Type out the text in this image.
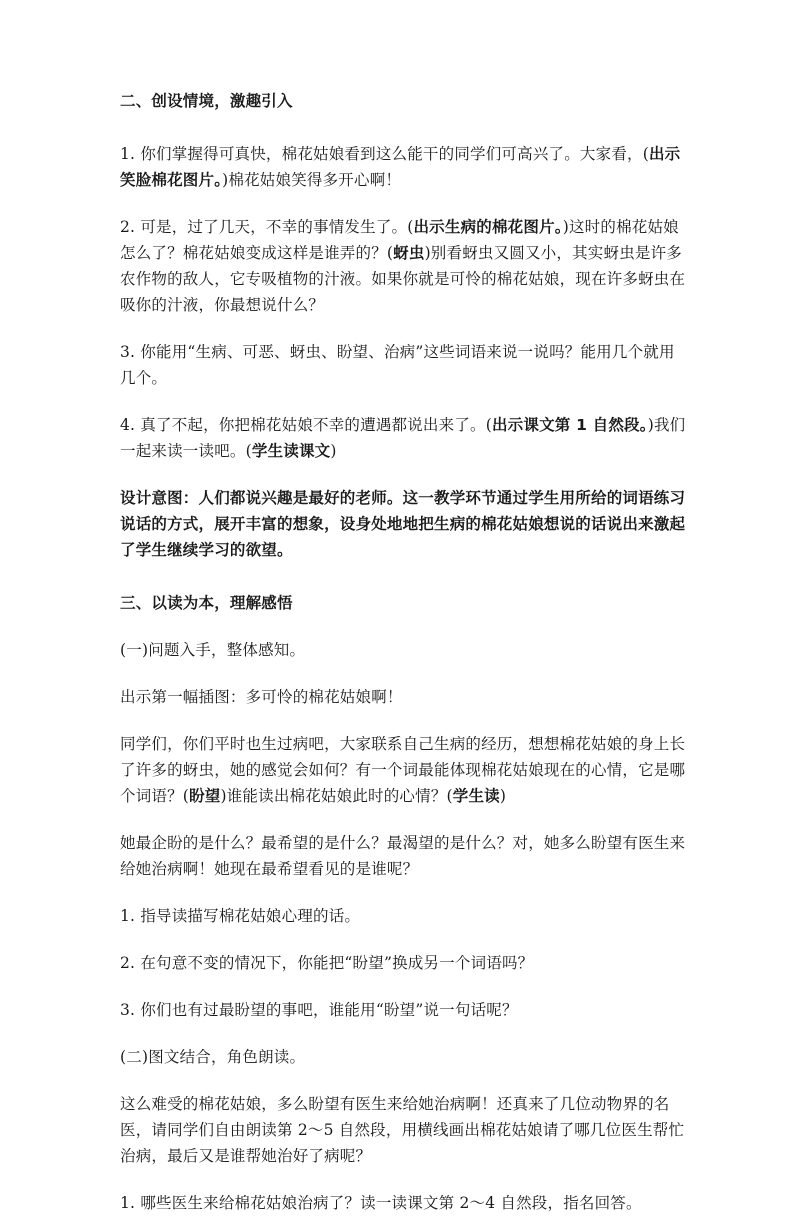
二、创设情境，激趣引入

1. 你们掌握得可真快，棉花姑娘看到这么能干的同学们可高兴了。大家看，(出示笑脸棉花图片。)棉花姑娘笑得多开心啊！

2. 可是，过了几天，不幸的事情发生了。(出示生病的棉花图片。)这时的棉花姑娘怎么了？棉花姑娘变成这样是谁弄的？(蚜虫)别看蚜虫又圆又小，其实蚜虫是许多农作物的敌人，它专吸植物的汁液。如果你就是可怜的棉花姑娘，现在许多蚜虫在吸你的汁液，你最想说什么？

3. 你能用“生病、可恶、蚜虫、盼望、治病”这些词语来说一说吗？能用几个就用几个。

4. 真了不起，你把棉花姑娘不幸的遭遇都说出来了。(出示课文第 1 自然段。)我们一起来读一读吧。(学生读课文)

设计意图：人们都说兴趣是最好的老师。这一教学环节通过学生用所给的词语练习说话的方式，展开丰富的想象，设身处地地把生病的棉花姑娘想说的话说出来激起了学生继续学习的欲望。

三、以读为本，理解感悟

(一)问题入手，整体感知。

出示第一幅插图：多可怜的棉花姑娘啊！

同学们，你们平时也生过病吧，大家联系自己生病的经历，想想棉花姑娘的身上长了许多的蚜虫，她的感觉会如何？有一个词最能体现棉花姑娘现在的心情，它是哪个词语？(盼望)谁能读出棉花姑娘此时的心情？(学生读)

她最企盼的是什么？最希望的是什么？最渴望的是什么？对，她多么盼望有医生来给她治病啊！她现在最希望看见的是谁呢？

1. 指导读描写棉花姑娘心理的话。

2. 在句意不变的情况下，你能把“盼望”换成另一个词语吗？

3. 你们也有过最盼望的事吧，谁能用“盼望”说一句话呢？

(二)图文结合，角色朗读。

这么难受的棉花姑娘，多么盼望有医生来给她治病啊！还真来了几位动物界的名医，请同学们自由朗读第 2～5 自然段，用横线画出棉花姑娘请了哪几位医生帮忙治病，最后又是谁帮她治好了病呢？

1. 哪些医生来给棉花姑娘治病了？读一读课文第 2～4 自然段，指名回答。
